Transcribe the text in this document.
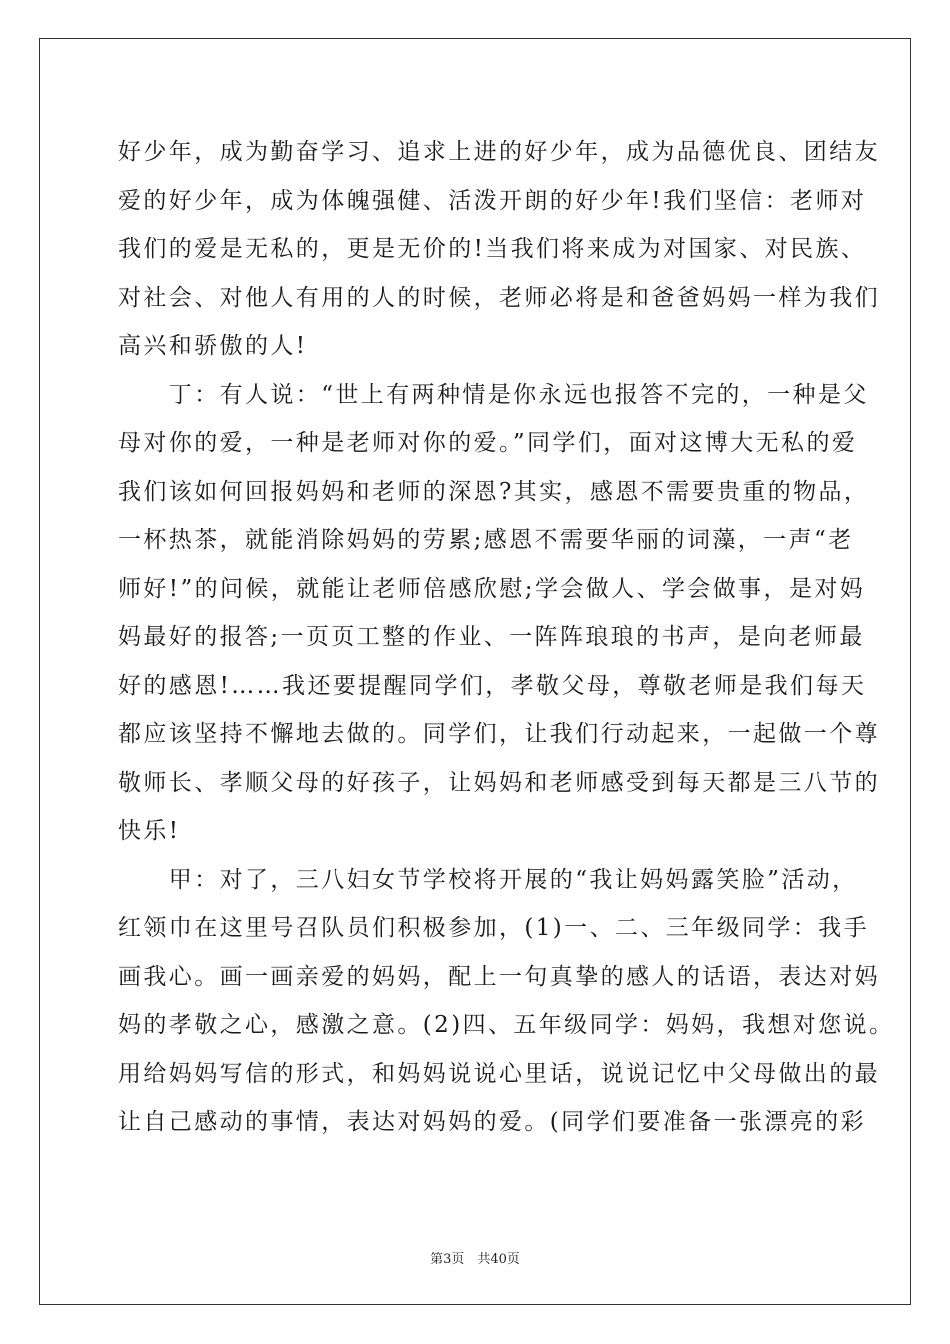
好少年，成为勤奋学习、追求上进的好少年，成为品德优良、团结友
爱的好少年，成为体魄强健、活泼开朗的好少年!我们坚信：老师对
我们的爱是无私的，更是无价的!当我们将来成为对国家、对民族、
对社会、对他人有用的人的时候，老师必将是和爸爸妈妈一样为我们
高兴和骄傲的人!
　　丁：有人说：“世上有两种情是你永远也报答不完的，一种是父
母对你的爱，一种是老师对你的爱。”同学们，面对这博大无私的爱
我们该如何回报妈妈和老师的深恩?其实，感恩不需要贵重的物品，
一杯热茶，就能消除妈妈的劳累;感恩不需要华丽的词藻，一声“老
师好!”的问候，就能让老师倍感欣慰;学会做人、学会做事，是对妈
妈最好的报答;一页页工整的作业、一阵阵琅琅的书声，是向老师最
好的感恩!……我还要提醒同学们，孝敬父母，尊敬老师是我们每天
都应该坚持不懈地去做的。同学们，让我们行动起来，一起做一个尊
敬师长、孝顺父母的好孩子，让妈妈和老师感受到每天都是三八节的
快乐!
　　甲：对了，三八妇女节学校将开展的“我让妈妈露笑脸”活动，
红领巾在这里号召队员们积极参加，(1)一、二、三年级同学：我手
画我心。画一画亲爱的妈妈，配上一句真挚的感人的话语，表达对妈
妈的孝敬之心，感激之意。(2)四、五年级同学：妈妈，我想对您说。
用给妈妈写信的形式，和妈妈说说心里话，说说记忆中父母做出的最
让自己感动的事情，表达对妈妈的爱。(同学们要准备一张漂亮的彩
第3页　共40页
